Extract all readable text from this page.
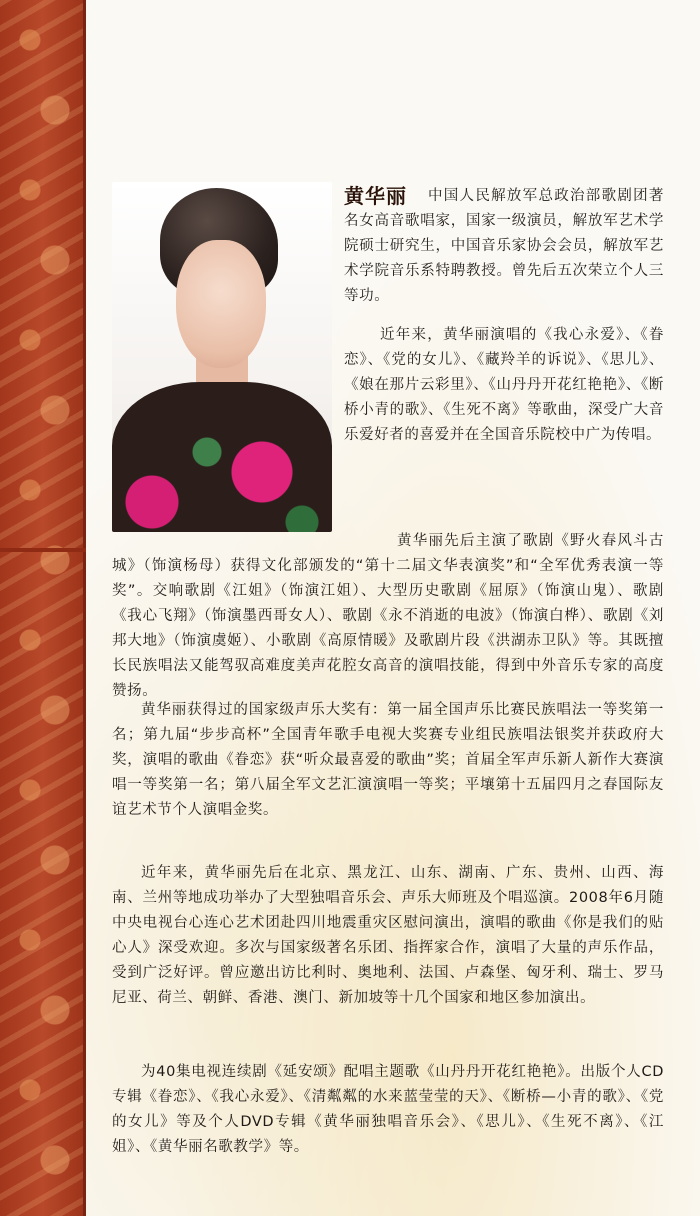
黄华丽	中国人民解放军总政治部歌剧团著名女高音歌唱家，国家一级演员，解放军艺术学院硕士研究生，中国音乐家协会会员，解放军艺术学院音乐系特聘教授。曾先后五次荣立个人三等功。

近年来，黄华丽演唱的《我心永爱》、《眷恋》、《党的女儿》、《藏羚羊的诉说》、《思儿》、《娘在那片云彩里》、《山丹丹开花红艳艳》、《断桥小青的歌》、《生死不离》等歌曲，深受广大音乐爱好者的喜爱并在全国音乐院校中广为传唱。

黄华丽先后主演了歌剧《野火春风斗古城》（饰演杨母）获得文化部颁发的“第十二届文华表演奖”和“全军优秀表演一等奖”。交响歌剧《江姐》（饰演江姐）、大型历史歌剧《屈原》（饰演山鬼）、歌剧《我心飞翔》（饰演墨西哥女人）、歌剧《永不消逝的电波》（饰演白桦）、歌剧《刘邦大地》（饰演虞姬）、小歌剧《高原情暖》及歌剧片段《洪湖赤卫队》等。其既擅长民族唱法又能驾驭高难度美声花腔女高音的演唱技能，得到中外音乐专家的高度赞扬。

黄华丽获得过的国家级声乐大奖有：第一届全国声乐比赛民族唱法一等奖第一名；第九届“步步高杯”全国青年歌手电视大奖赛专业组民族唱法银奖并获政府大奖，演唱的歌曲《眷恋》获“听众最喜爱的歌曲”奖；首届全军声乐新人新作大赛演唱一等奖第一名；第八届全军文艺汇演演唱一等奖；平壤第十五届四月之春国际友谊艺术节个人演唱金奖。

近年来，黄华丽先后在北京、黑龙江、山东、湖南、广东、贵州、山西、海南、兰州等地成功举办了大型独唱音乐会、声乐大师班及个唱巡演。2008年6月随中央电视台心连心艺术团赴四川地震重灾区慰问演出，演唱的歌曲《你是我们的贴心人》深受欢迎。多次与国家级著名乐团、指挥家合作，演唱了大量的声乐作品，受到广泛好评。曾应邀出访比利时、奥地利、法国、卢森堡、匈牙利、瑞士、罗马尼亚、荷兰、朝鲜、香港、澳门、新加坡等十几个国家和地区参加演出。

为40集电视连续剧《延安颂》配唱主题歌《山丹丹开花红艳艳》。出版个人CD专辑《眷恋》、《我心永爱》、《清粼粼的水来蓝莹莹的天》、《断桥—小青的歌》、《党的女儿》等及个人DVD专辑《黄华丽独唱音乐会》、《思儿》、《生死不离》、《江姐》、《黄华丽名歌教学》等。
